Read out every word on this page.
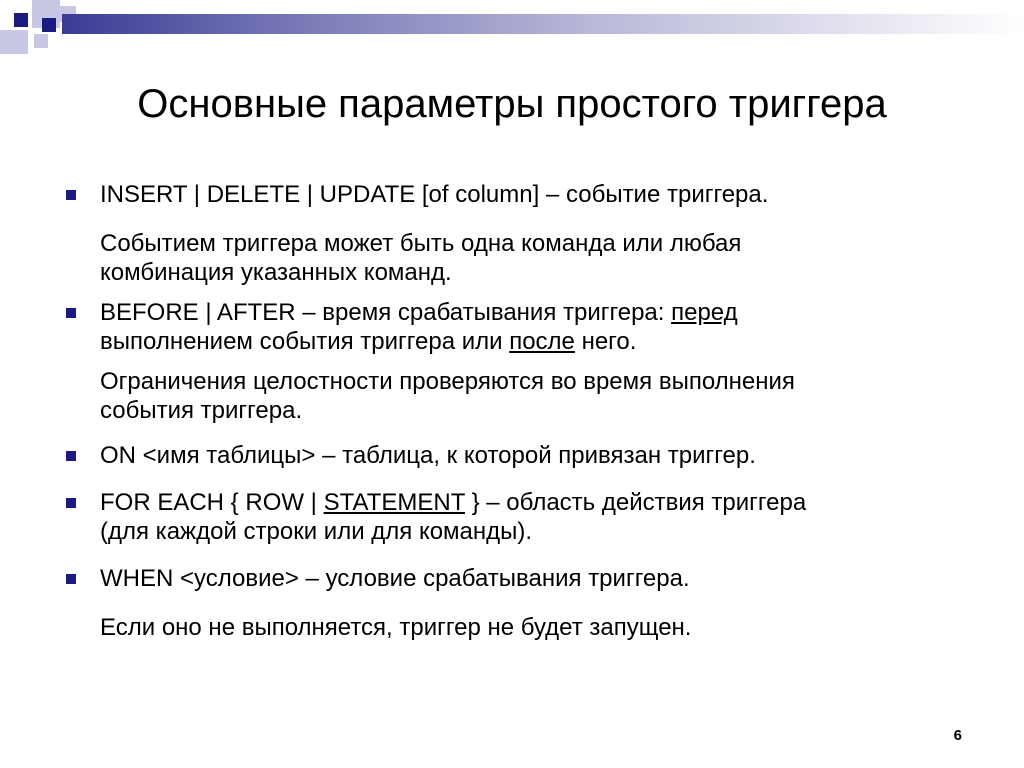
Основные параметры простого триггера

INSERT | DELETE | UPDATE [of column] – событие триггера.

Событием триггера может быть одна команда или любая

комбинация указанных команд.

BEFORE | AFTER – время срабатывания триггера: перед

выполнением события триггера или после него.

Ограничения целостности проверяются во время выполнения

события триггера.

ON <имя таблицы> – таблица, к которой привязан триггер.

FOR EACH { ROW | STATEMENT } – область действия триггера

(для каждой строки или для команды).

WHEN <условие> – условие срабатывания триггера.

Если оно не выполняется, триггер не будет запущен.

6
